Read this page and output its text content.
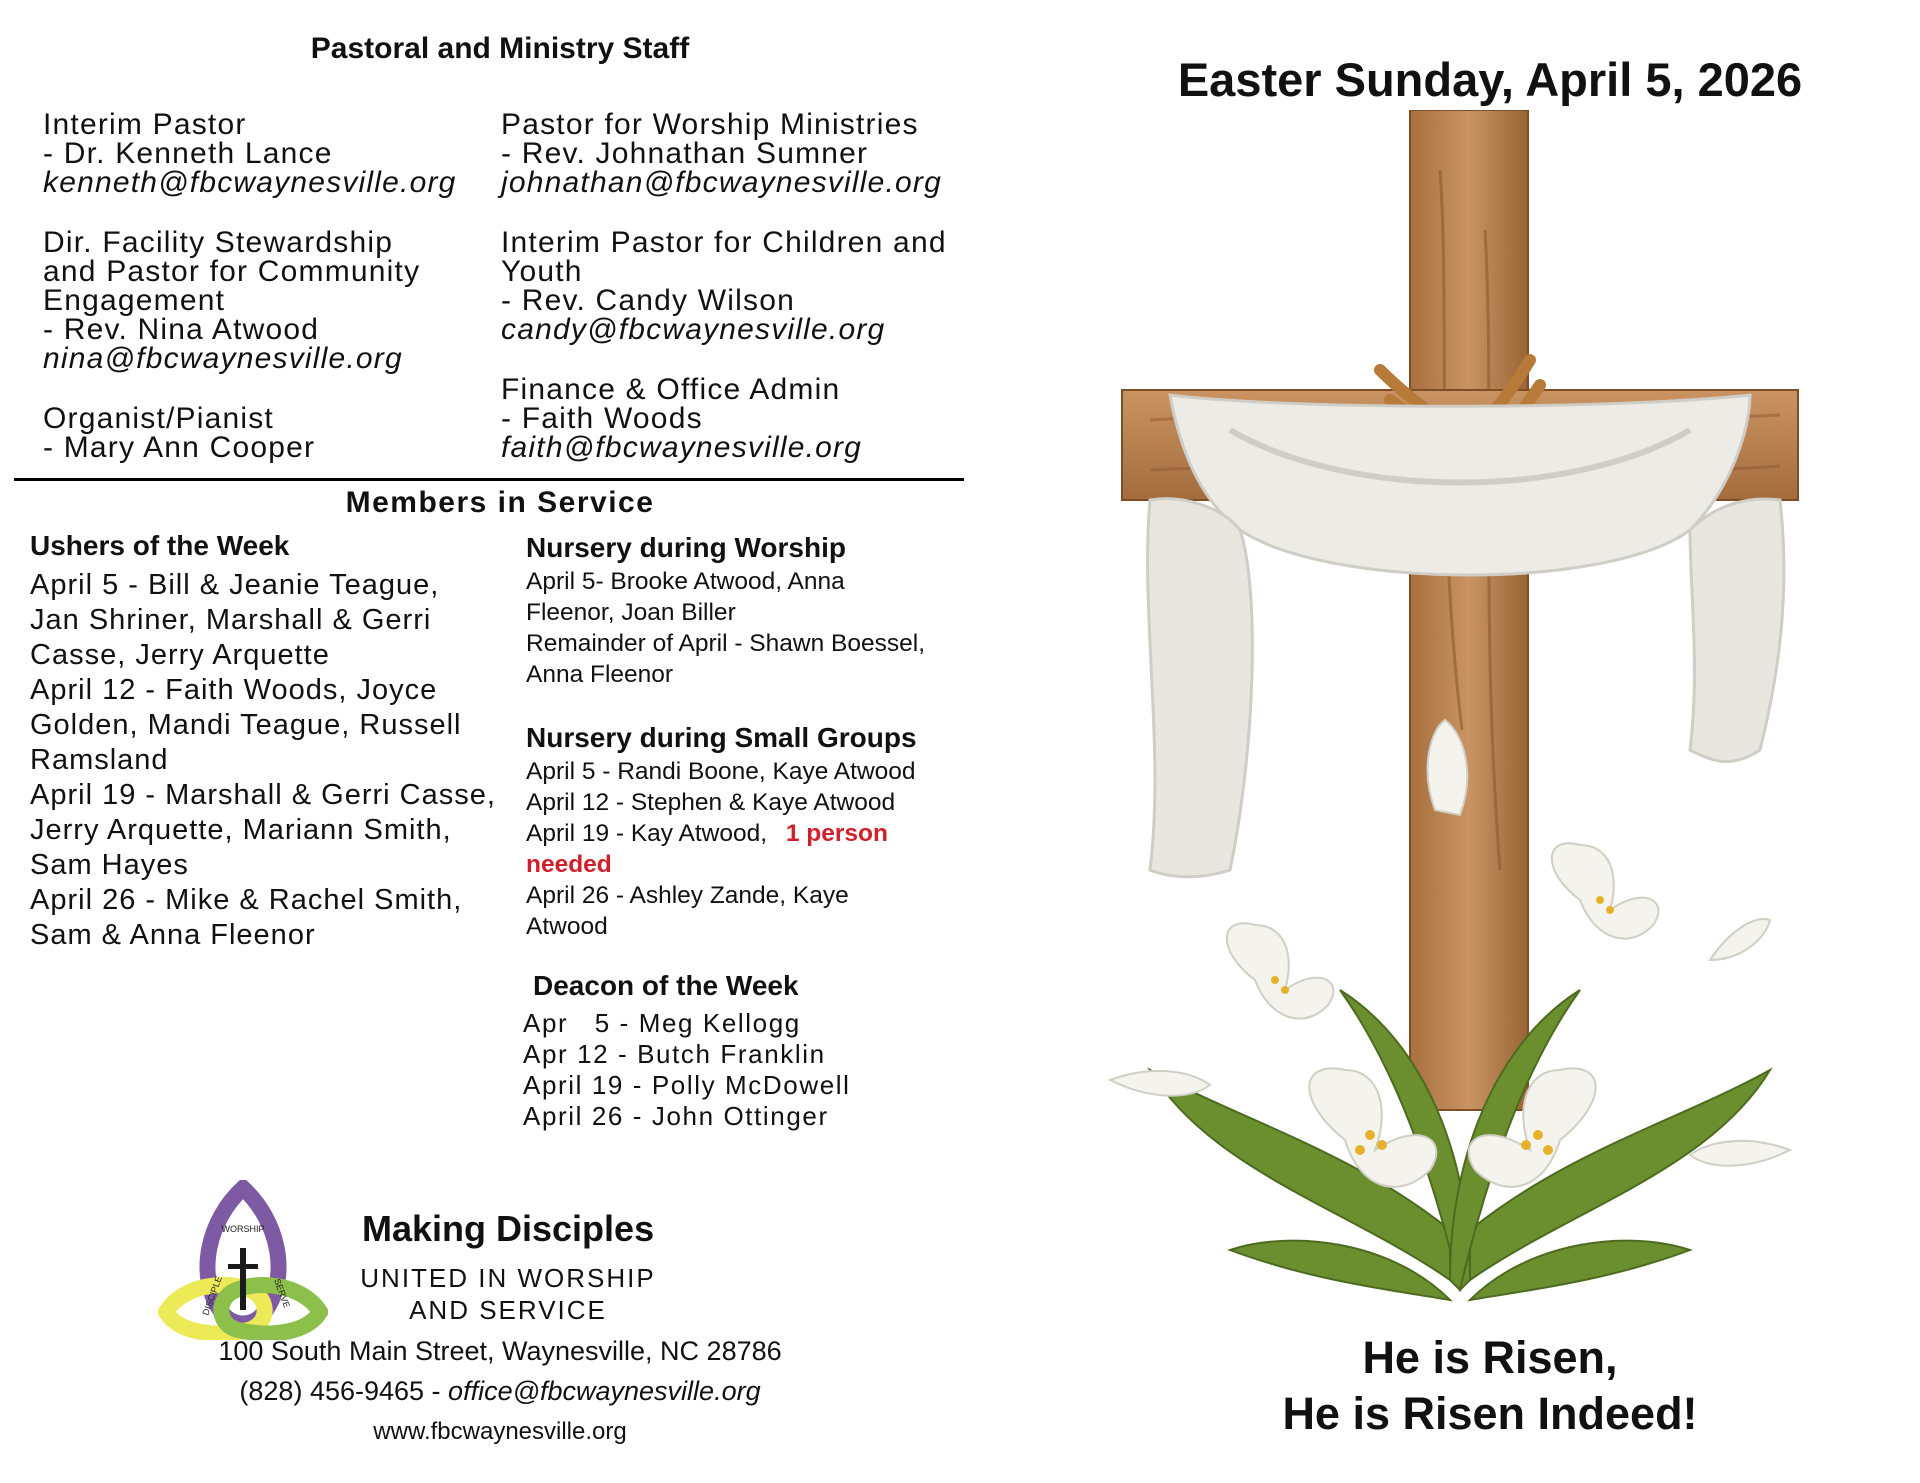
Pastoral and Ministry Staff
Interim Pastor
- Dr. Kenneth Lance
kenneth@fbcwaynesville.org
Dir. Facility Stewardship
and Pastor for Community
Engagement
- Rev. Nina Atwood
nina@fbcwaynesville.org
Organist/Pianist
- Mary Ann Cooper
Pastor for Worship Ministries
- Rev. Johnathan Sumner
johnathan@fbcwaynesville.org
Interim Pastor for Children and
Youth
- Rev. Candy Wilson
candy@fbcwaynesville.org
Finance & Office Admin
- Faith Woods
faith@fbcwaynesville.org
Members in Service
Ushers of the Week
April 5 - Bill & Jeanie Teague,
Jan Shriner, Marshall & Gerri
Casse, Jerry Arquette
April 12 - Faith Woods, Joyce
Golden, Mandi Teague, Russell
Ramsland
April 19 - Marshall & Gerri Casse,
Jerry Arquette, Mariann Smith,
Sam Hayes
April 26 - Mike & Rachel Smith,
Sam & Anna Fleenor
Nursery during Worship
April 5- Brooke Atwood, Anna
Fleenor, Joan Biller
Remainder of April - Shawn Boessel,
Anna Fleenor
Nursery during Small Groups
April 5 - Randi Boone, Kaye Atwood
April 12 - Stephen & Kaye Atwood
April 19 - Kay Atwood, 1 person
needed
April 26 - Ashley Zande, Kaye
Atwood
Deacon of the Week
Apr   5 - Meg Kellogg
Apr 12 - Butch Franklin
April 19 - Polly McDowell
April 26 - John Ottinger
WORSHIP
SERVE
DISCIPLE
Making Disciples
UNITED IN WORSHIP
AND SERVICE
100 South Main Street, Waynesville, NC 28786
(828) 456-9465 - office@fbcwaynesville.org
www.fbcwaynesville.org
Easter Sunday, April 5, 2026
He is Risen,
He is Risen Indeed!
